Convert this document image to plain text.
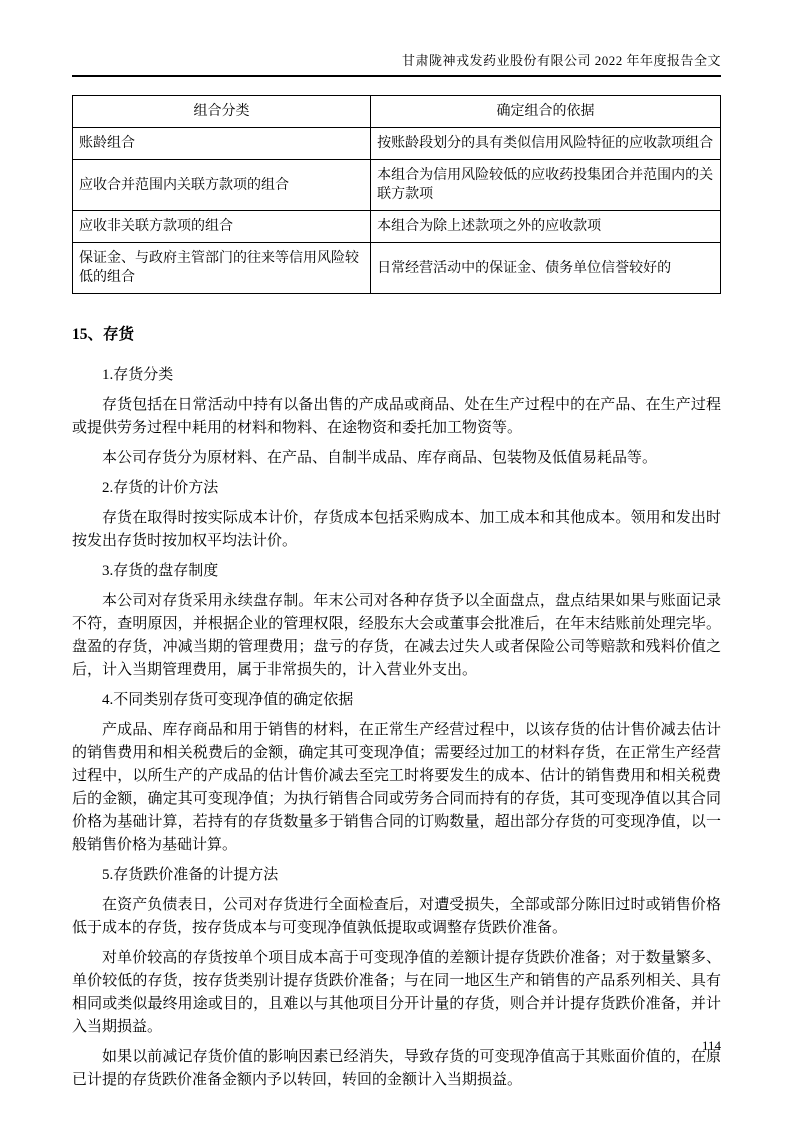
甘肃陇神戎发药业股份有限公司 2022 年年度报告全文
组合分类	确定组合的依据
账龄组合	按账龄段划分的具有类似信用风险特征的应收款项组合
应收合并范围内关联方款项的组合	本组合为信用风险较低的应收药投集团合并范围内的关联方款项
应收非关联方款项的组合	本组合为除上述款项之外的应收款项
保证金、与政府主管部门的往来等信用风险较低的组合	日常经营活动中的保证金、债务单位信誉较好的
15、存货
1.存货分类
存货包括在日常活动中持有以备出售的产成品或商品、处在生产过程中的在产品、在生产过程或提供劳务过程中耗用的材料和物料、在途物资和委托加工物资等。
本公司存货分为原材料、在产品、自制半成品、库存商品、包装物及低值易耗品等。
2.存货的计价方法
存货在取得时按实际成本计价，存货成本包括采购成本、加工成本和其他成本。领用和发出时按发出存货时按加权平均法计价。
3.存货的盘存制度
本公司对存货采用永续盘存制。年末公司对各种存货予以全面盘点，盘点结果如果与账面记录不符，查明原因，并根据企业的管理权限，经股东大会或董事会批准后，在年末结账前处理完毕。盘盈的存货，冲减当期的管理费用；盘亏的存货，在减去过失人或者保险公司等赔款和残料价值之后，计入当期管理费用，属于非常损失的，计入营业外支出。
4.不同类别存货可变现净值的确定依据
产成品、库存商品和用于销售的材料，在正常生产经营过程中，以该存货的估计售价减去估计的销售费用和相关税费后的金额，确定其可变现净值；需要经过加工的材料存货，在正常生产经营过程中，以所生产的产成品的估计售价减去至完工时将要发生的成本、估计的销售费用和相关税费后的金额，确定其可变现净值；为执行销售合同或劳务合同而持有的存货，其可变现净值以其合同价格为基础计算，若持有的存货数量多于销售合同的订购数量，超出部分存货的可变现净值，以一般销售价格为基础计算。
5.存货跌价准备的计提方法
在资产负债表日，公司对存货进行全面检查后，对遭受损失，全部或部分陈旧过时或销售价格低于成本的存货，按存货成本与可变现净值孰低提取或调整存货跌价准备。
对单价较高的存货按单个项目成本高于可变现净值的差额计提存货跌价准备；对于数量繁多、单价较低的存货，按存货类别计提存货跌价准备；与在同一地区生产和销售的产品系列相关、具有相同或类似最终用途或目的，且难以与其他项目分开计量的存货，则合并计提存货跌价准备，并计入当期损益。
如果以前减记存货价值的影响因素已经消失，导致存货的可变现净值高于其账面价值的，在原已计提的存货跌价准备金额内予以转回，转回的金额计入当期损益。
114
